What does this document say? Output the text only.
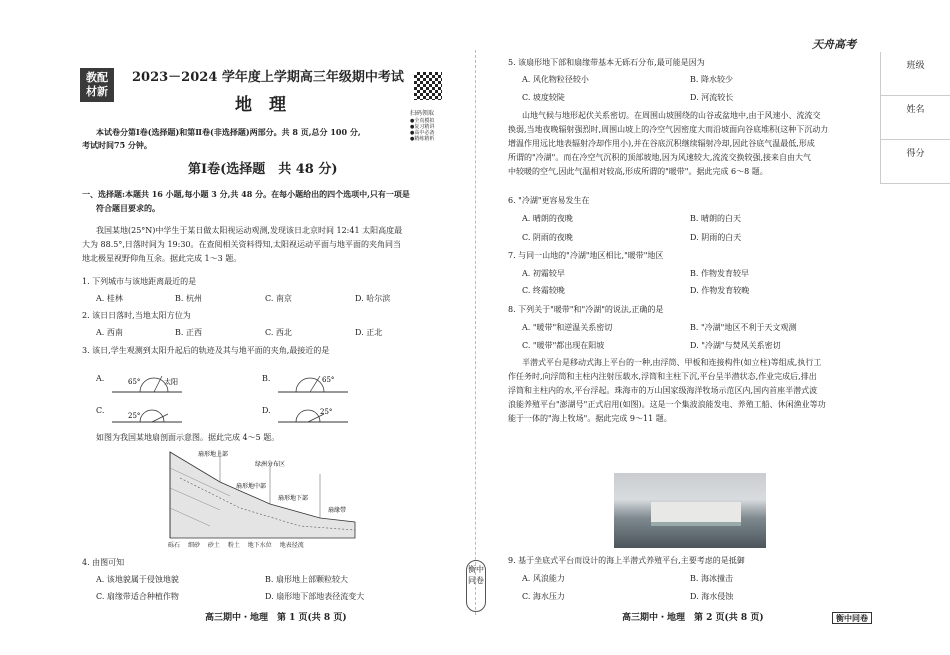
天舟高考
班级
姓名
得分
教配
材新
2023－2024 学年度上学期高三年级期中考试
地　理	扫码领取
●全真模拟
●复习精讲
●高中必备
●精练精析
本试卷分第Ⅰ卷(选择题)和第Ⅱ卷(非选择题)两部分。共 8 页,总分 100 分,
考试时间75 分钟。
第Ⅰ卷(选择题　共 48 分)
一、选择题:本题共 16 小题,每小题 3 分,共 48 分。在每小题给出的四个选项中,只有一项是
符合题目要求的。
我国某地(25°N)中学生于某日做太阳视运动观测,发现该日北京时间 12:41 太阳高度最
大为 88.5°,日落时间为 19:30。在查阅相关资料得知,太阳视运动平面与地平面的夹角同当
地北极星视野仰角互余。据此完成 1～3 题。
1. 下列城市与该地距离最近的是
A. 桂林	B. 杭州	C. 南京	D. 哈尔滨
2. 该日日落时,当地太阳方位为
A. 西南	B. 正西	C. 西北	D. 正北
3. 该日,学生观测到太阳升起后的轨迹及其与地平面的夹角,最接近的是
A.	65°	太阳	B.	65°
C.
25°
D.	25°
如图为我国某地扇剖面示意图。据此完成 4～5 题。
扇形地上部
绿洲分布区
扇形地中部
扇形地下部
扇缘带
砾石 细砂 砂土 粉土 地下水位 地表径流
4. 由图可知
A. 该地貌属于侵蚀地貌	B. 扇形地上部颗粒较大
C. 扇缘带适合种植作物	D. 扇形地下部地表径流变大
高三期中・地理　第 1 页(共 8 页)
衡中同卷
5. 该扇形地下部和扇缘带基本无砾石分布,最可能是因为
A. 风化物粒径较小	B. 降水较少
C. 坡度较陡	D. 河流较长
山地气候与地形起伏关系密切。在周围山坡围绕的山谷或盆地中,由于风速小、流流交
换弱,当地夜晚辐射强烈时,周围山坡上的冷空气因密度大而沿坡面向谷底堆积(这种下沉动力
增温作用远比地表辐射冷却作用小),并在谷底沉积继续辐射冷却,因此谷底气温最低,形成
所谓的"冷湖"。而在冷空气沉积的顶部坡地,因为风速较大,流流交换较强,接来自由大气
中较暖的空气,因此气温相对较高,形成所谓的"暖带"。据此完成 6～8 题。
6. "冷湖"更容易发生在
A. 晴朗的夜晚	B. 晴朗的白天
C. 阴雨的夜晚	D. 阴雨的白天
7. 与同一山地的"冷湖"地区相比,"暖带"地区
A. 初霜较早	B. 作物发育较早
C. 终霜较晚	D. 作物发育较晚
8. 下列关于"暖带"和"冷湖"的说法,正确的是
A. "暖带"和逆温关系密切	B. "冷湖"地区不利于天文观测
C. "暖带"都出现在阳坡	D. "冷湖"与焚风关系密切
半潜式平台是移动式海上平台的一种,由浮筒、甲板和连接构件(如立柱)等组成,执行工
作任务时,向浮筒和主柱内注射压载水,浮筒和主柱下沉,平台呈半潜状态,作业完成后,排出
浮筒和主柱内的水,平台浮起。珠海市的万山国家级海洋牧场示范区内,国内首座半潜式波
浪能养殖平台"澎湖号"正式启用(如图)。这是一个集波浪能发电、养殖工船、休闲渔业等功
能于一体的"海上牧场"。据此完成 9～11 题。
9. 基于坐底式平台而设计的海上半潜式养殖平台,主要考虑的是抵御
A. 风浪能力	B. 海冰撞击
C. 海水压力	D. 海水侵蚀
高三期中・地理　第 2 页(共 8 页)	衡中同卷
